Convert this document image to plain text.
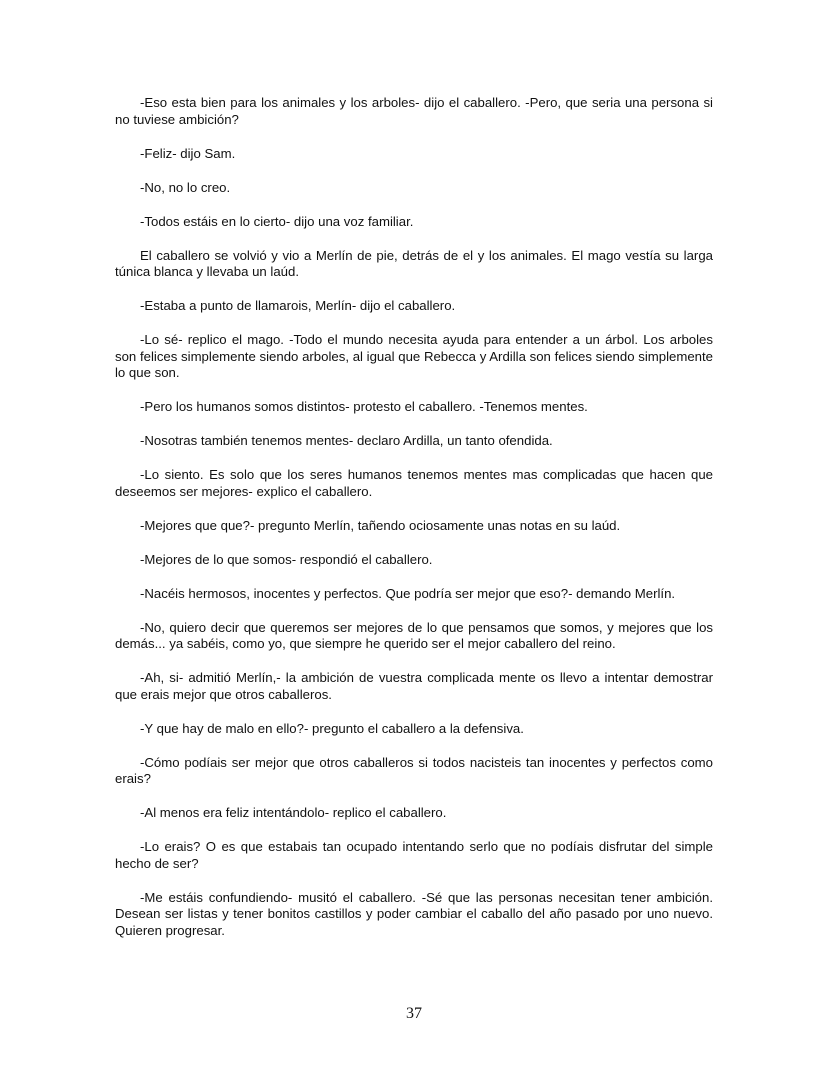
-Eso esta bien para los animales y los arboles- dijo el caballero. -Pero, que seria una persona si no tuviese ambición?

-Feliz- dijo Sam.

-No, no lo creo.

-Todos estáis en lo cierto- dijo una voz familiar.

El caballero se volvió y vio a Merlín de pie, detrás de el y los animales. El mago vestía su larga túnica blanca y llevaba un laúd.

-Estaba a punto de llamarois, Merlín- dijo el caballero.

-Lo sé- replico el mago. -Todo el mundo necesita ayuda para entender a un árbol. Los arboles son felices simplemente siendo arboles, al igual que Rebecca y Ardilla son felices siendo simplemente lo que son.

-Pero los humanos somos distintos- protesto el caballero. -Tenemos mentes.

-Nosotras también tenemos mentes- declaro Ardilla, un tanto ofendida.

-Lo siento. Es solo que los seres humanos tenemos mentes mas complicadas que hacen que deseemos ser mejores- explico el caballero.

-Mejores que que?- pregunto Merlín, tañendo ociosamente unas notas en su laúd.

-Mejores de lo que somos- respondió el caballero.

-Nacéis hermosos, inocentes y perfectos. Que podría ser mejor que eso?- demando Merlín.

-No, quiero decir que queremos ser mejores de lo que pensamos que somos, y mejores que los demás... ya sabéis, como yo, que siempre he querido ser el mejor caballero del reino.

-Ah, si- admitió Merlín,- la ambición de vuestra complicada mente os llevo a intentar demostrar que erais mejor que otros caballeros.

-Y que hay de malo en ello?- pregunto el caballero a la defensiva.

-Cómo podíais ser mejor que otros caballeros si todos nacisteis tan inocentes y perfectos como erais?

-Al menos era feliz intentándolo- replico el caballero.

-Lo erais? O es que estabais tan ocupado intentando serlo que no podíais disfrutar del simple hecho de ser?

-Me estáis confundiendo- musitó el caballero. -Sé que las personas necesitan tener ambición. Desean ser listas y tener bonitos castillos y poder cambiar el caballo del año pasado por uno nuevo. Quieren progresar.

37
